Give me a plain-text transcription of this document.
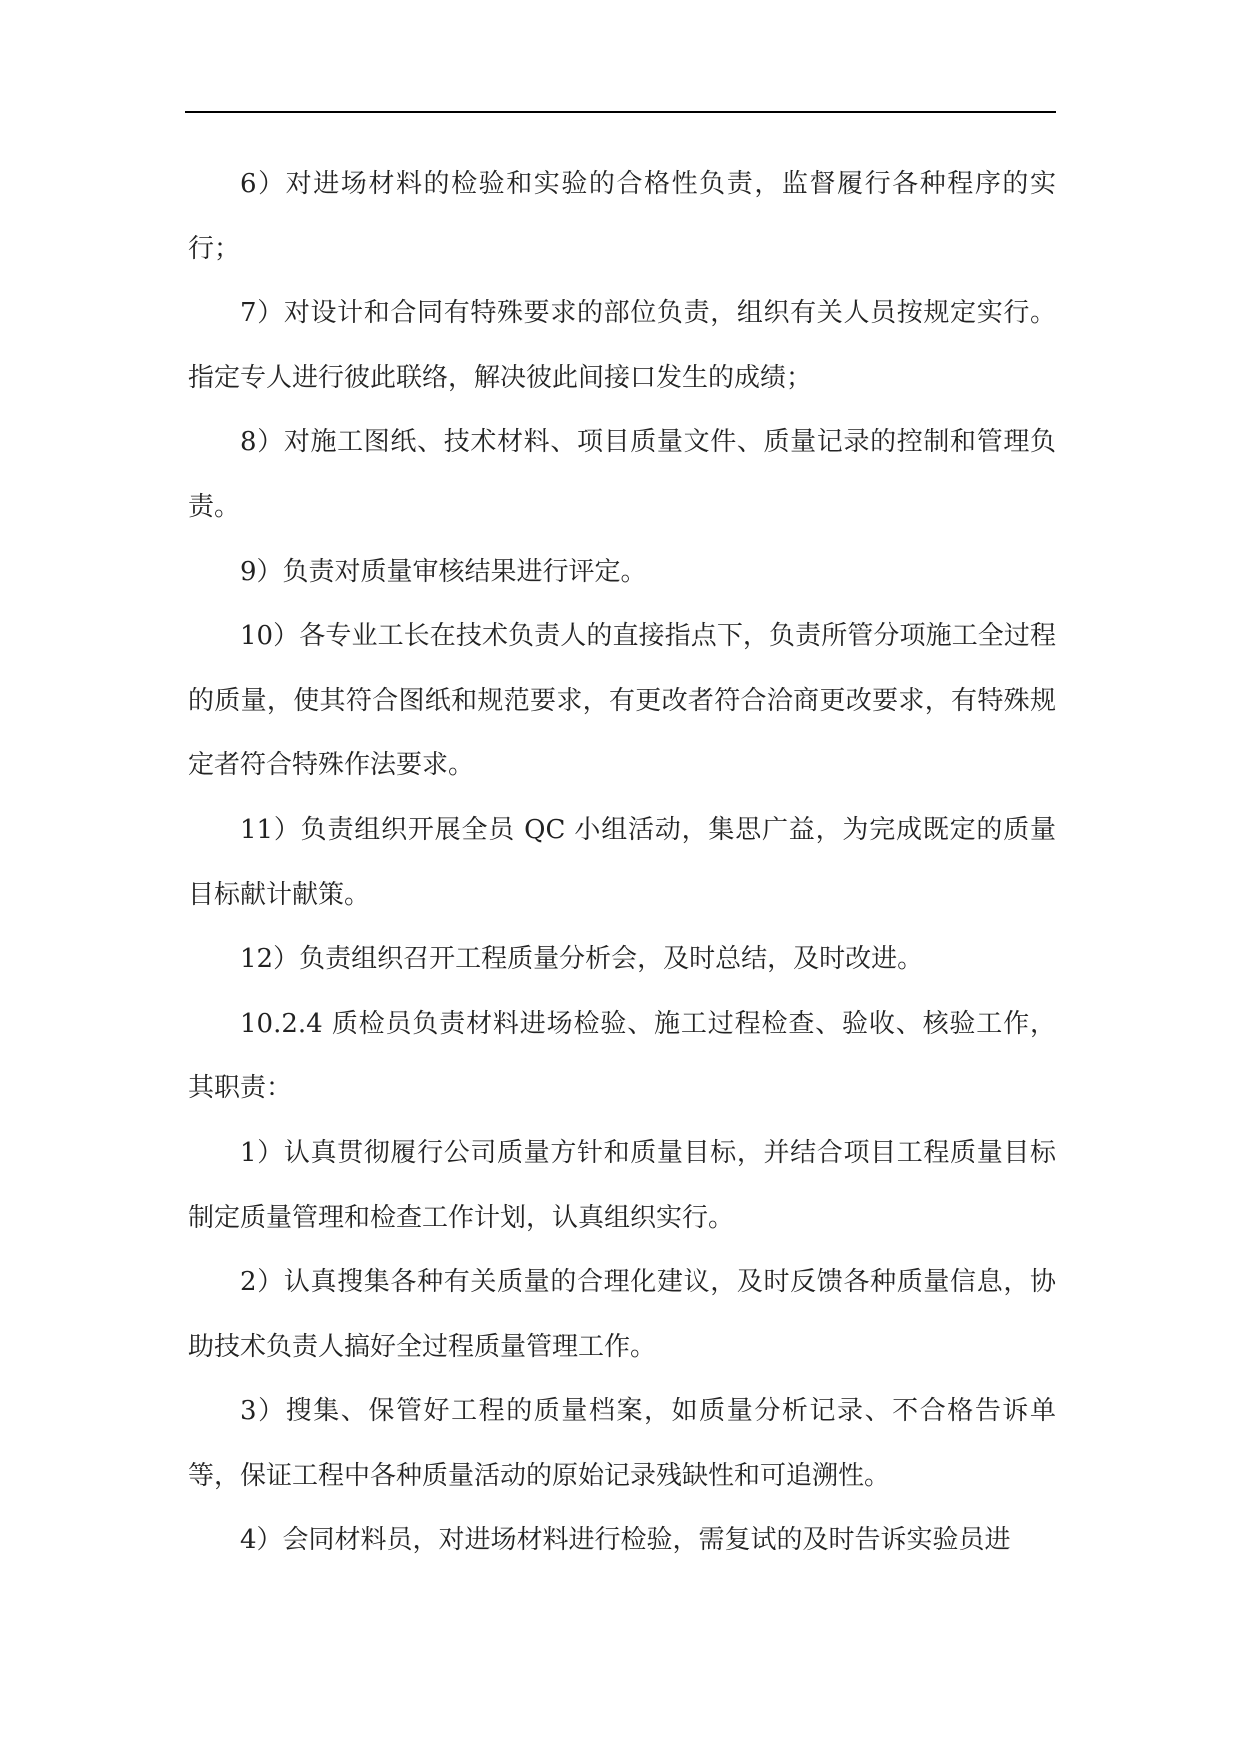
6）对进场材料的检验和实验的合格性负责，监督履行各种程序的实行；

7）对设计和合同有特殊要求的部位负责，组织有关人员按规定实行。指定专人进行彼此联络，解决彼此间接口发生的成绩；

8）对施工图纸、技术材料、项目质量文件、质量记录的控制和管理负责。

9）负责对质量审核结果进行评定。

10）各专业工长在技术负责人的直接指点下，负责所管分项施工全过程的质量，使其符合图纸和规范要求，有更改者符合洽商更改要求，有特殊规定者符合特殊作法要求。

11）负责组织开展全员 QC 小组活动，集思广益，为完成既定的质量目标献计献策。

12）负责组织召开工程质量分析会，及时总结，及时改进。

10.2.4 质检员负责材料进场检验、施工过程检查、验收、核验工作，其职责：

1）认真贯彻履行公司质量方针和质量目标，并结合项目工程质量目标制定质量管理和检查工作计划，认真组织实行。

2）认真搜集各种有关质量的合理化建议，及时反馈各种质量信息，协助技术负责人搞好全过程质量管理工作。

3）搜集、保管好工程的质量档案，如质量分析记录、不合格告诉单等，保证工程中各种质量活动的原始记录残缺性和可追溯性。

4）会同材料员，对进场材料进行检验，需复试的及时告诉实验员进
